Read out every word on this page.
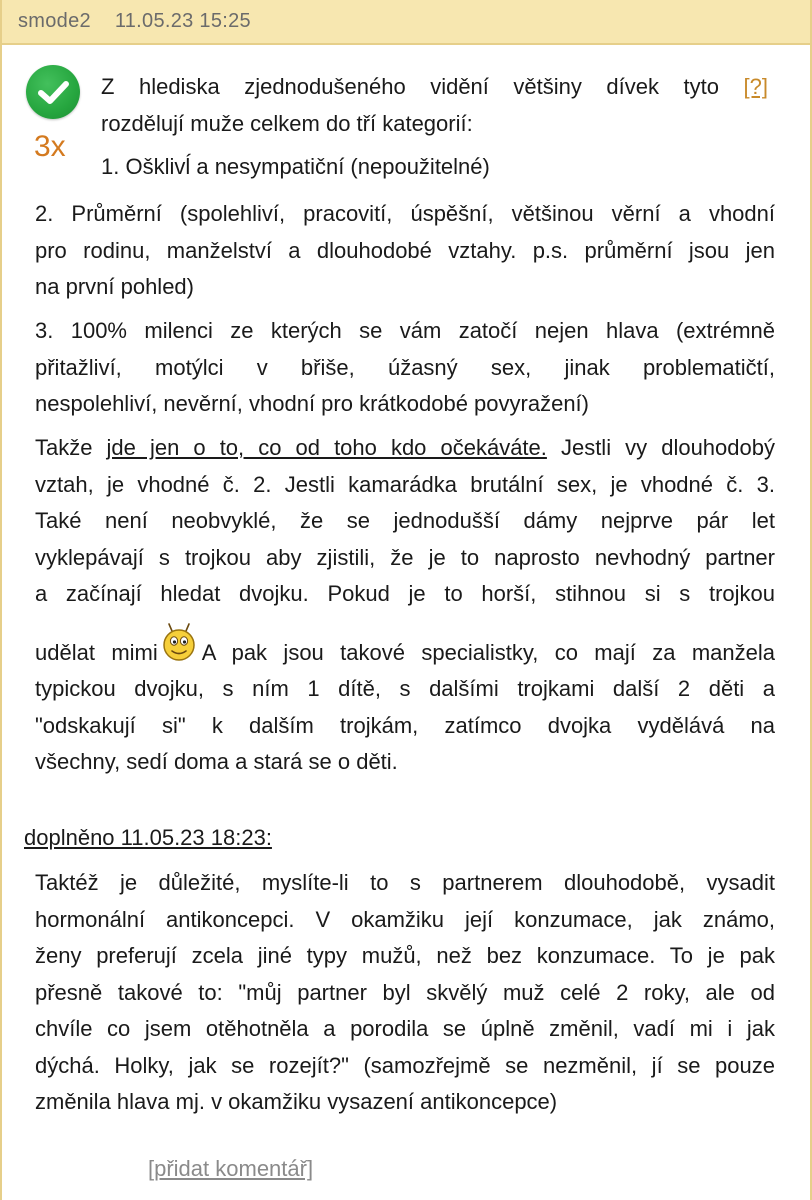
smode2 11.05.23 15:25
3x
Z hlediska zjednodušeného vidění většiny dívek tyto [?]
rozdělují muže celkem do tří kategorií:
1. Ošklivĺ a nesympatiční (nepoužitelné)
2. Průměrní (spolehliví, pracovití, úspěšní, většinou věrní a vhodní
pro rodinu, manželství a dlouhodobé vztahy. p.s. průměrní jsou jen
na první pohled)
3. 100% milenci ze kterých se vám zatočí nejen hlava (extrémně
přitažliví, motýlci v břiše, úžasný sex, jinak problematičtí,
nespolehliví, nevěrní, vhodní pro krátkodobé povyražení)
Takže jde jen o to, co od toho kdo očekáváte. Jestli vy dlouhodobý
vztah, je vhodné č. 2. Jestli kamarádka brutální sex, je vhodné č. 3.
Také není neobvyklé, že se jednodušší dámy nejprve pár let
vyklepávají s trojkou aby zjistili, že je to naprosto nevhodný partner
a začínají hledat dvojku. Pokud je to horší, stihnou si s trojkou
udělat mimi A pak jsou takové specialistky, co mají za manžela
typickou dvojku, s ním 1 dítě, s dalšími trojkami další 2 děti a
"odskakují si" k dalším trojkám, zatímco dvojka vydělává na
všechny, sedí doma a stará se o děti.
doplněno 11.05.23 18:23:
Taktéž je důležité, myslíte-li to s partnerem dlouhodobě, vysadit
hormonální antikoncepci. V okamžiku její konzumace, jak známo,
ženy preferují zcela jiné typy mužů, než bez konzumace. To je pak
přesně takové to: "můj partner byl skvělý muž celé 2 roky, ale od
chvíle co jsem otěhotněla a porodila se úplně změnil, vadí mi i jak
dýchá. Holky, jak se rozejít?" (samozřejmě se nezměnil, jí se pouze
změnila hlava mj. v okamžiku vysazení antikoncepce)
[přidat komentář]
